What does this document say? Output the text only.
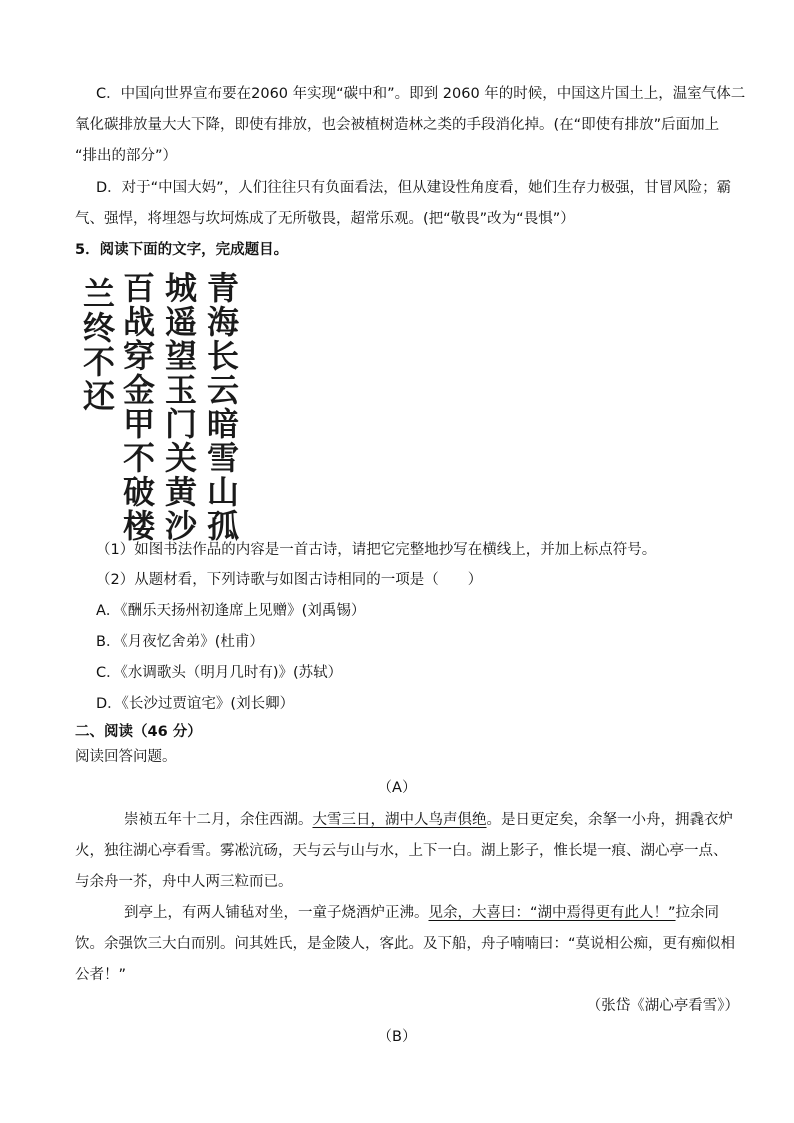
C．中国向世界宣布要在2060 年实现“碳中和”。即到 2060 年的时候，中国这片国土上，温室气体二
氧化碳排放量大大下降，即使有排放，也会被植树造林之类的手段消化掉。(在“即使有排放”后面加上
“排出的部分”）
D．对于“中国大妈”，人们往往只有负面看法，但从建设性角度看，她们生存力极强，甘冒风险；霸
气、强悍，将埋怨与坎坷炼成了无所敬畏，超常乐观。(把“敬畏”改为“畏惧”）
5．阅读下面的文字，完成题目。
青
海
长
云
暗
雪
山
孤
城
遥
望
玉
门
关
黄
沙
百
战
穿
金
甲
不
破
楼
兰
终
不
还
（1）如图书法作品的内容是一首古诗，请把它完整地抄写在横线上，并加上标点符号。
（2）从题材看，下列诗歌与如图古诗相同的一项是（　　）
A．《酬乐天扬州初逢席上见赠》(刘禹锡）
B．《月夜忆舍弟》(杜甫）
C．《水调歌头（明月几时有)》(苏轼）
D．《长沙过贾谊宅》(刘长卿）
二、阅读（46 分）
阅读回答问题。
（A）
崇祯五年十二月，余住西湖。大雪三日，湖中人鸟声俱绝。是日更定矣，余拏一小舟，拥毳衣炉
火，独往湖心亭看雪。雾凇沆砀，天与云与山与水，上下一白。湖上影子，惟长堤一痕、湖心亭一点、
与余舟一芥，舟中人两三粒而已。
到亭上，有两人铺毡对坐，一童子烧酒炉正沸。见余，大喜曰：“湖中焉得更有此人！”拉余同
饮。余强饮三大白而别。问其姓氏，是金陵人，客此。及下船，舟子喃喃曰：“莫说相公痴，更有痴似相
公者！”
（张岱《湖心亭看雪》）
（B）
